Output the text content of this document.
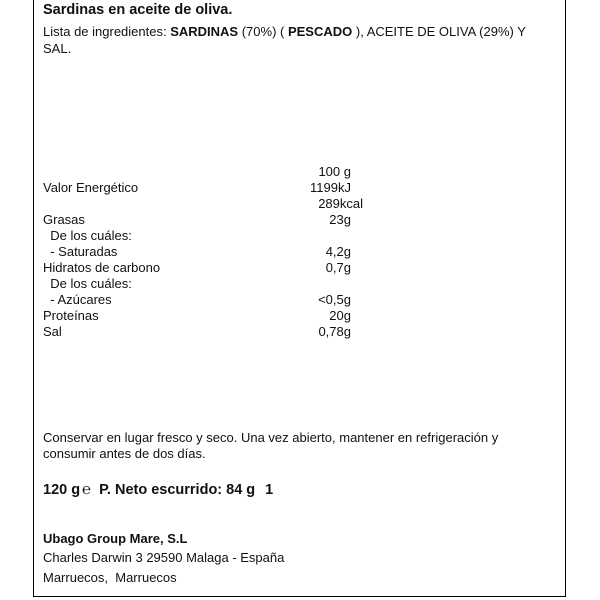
Sardinas en aceite de oliva.
Lista de ingredientes: SARDINAS (70%) ( PESCADO ), ACEITE DE OLIVA (29%) Y SAL.
100 g
Valor Energético	1199kJ
289kcal
Grasas	23g
De los cuáles:
- Saturadas	4,2g
Hidratos de carbono	0,7g
De los cuáles:
- Azúcares	<0,5g
Proteínas	20g
Sal	0,78g
Conservar en lugar fresco y seco. Una vez abierto, mantener en refrigeración y
consumir antes de dos días.
120 g ℮ P. Neto escurrido: 84 g 1
Ubago Group Mare, S.L
Charles Darwin 3 29590 Malaga - España
Marruecos,  Marruecos
